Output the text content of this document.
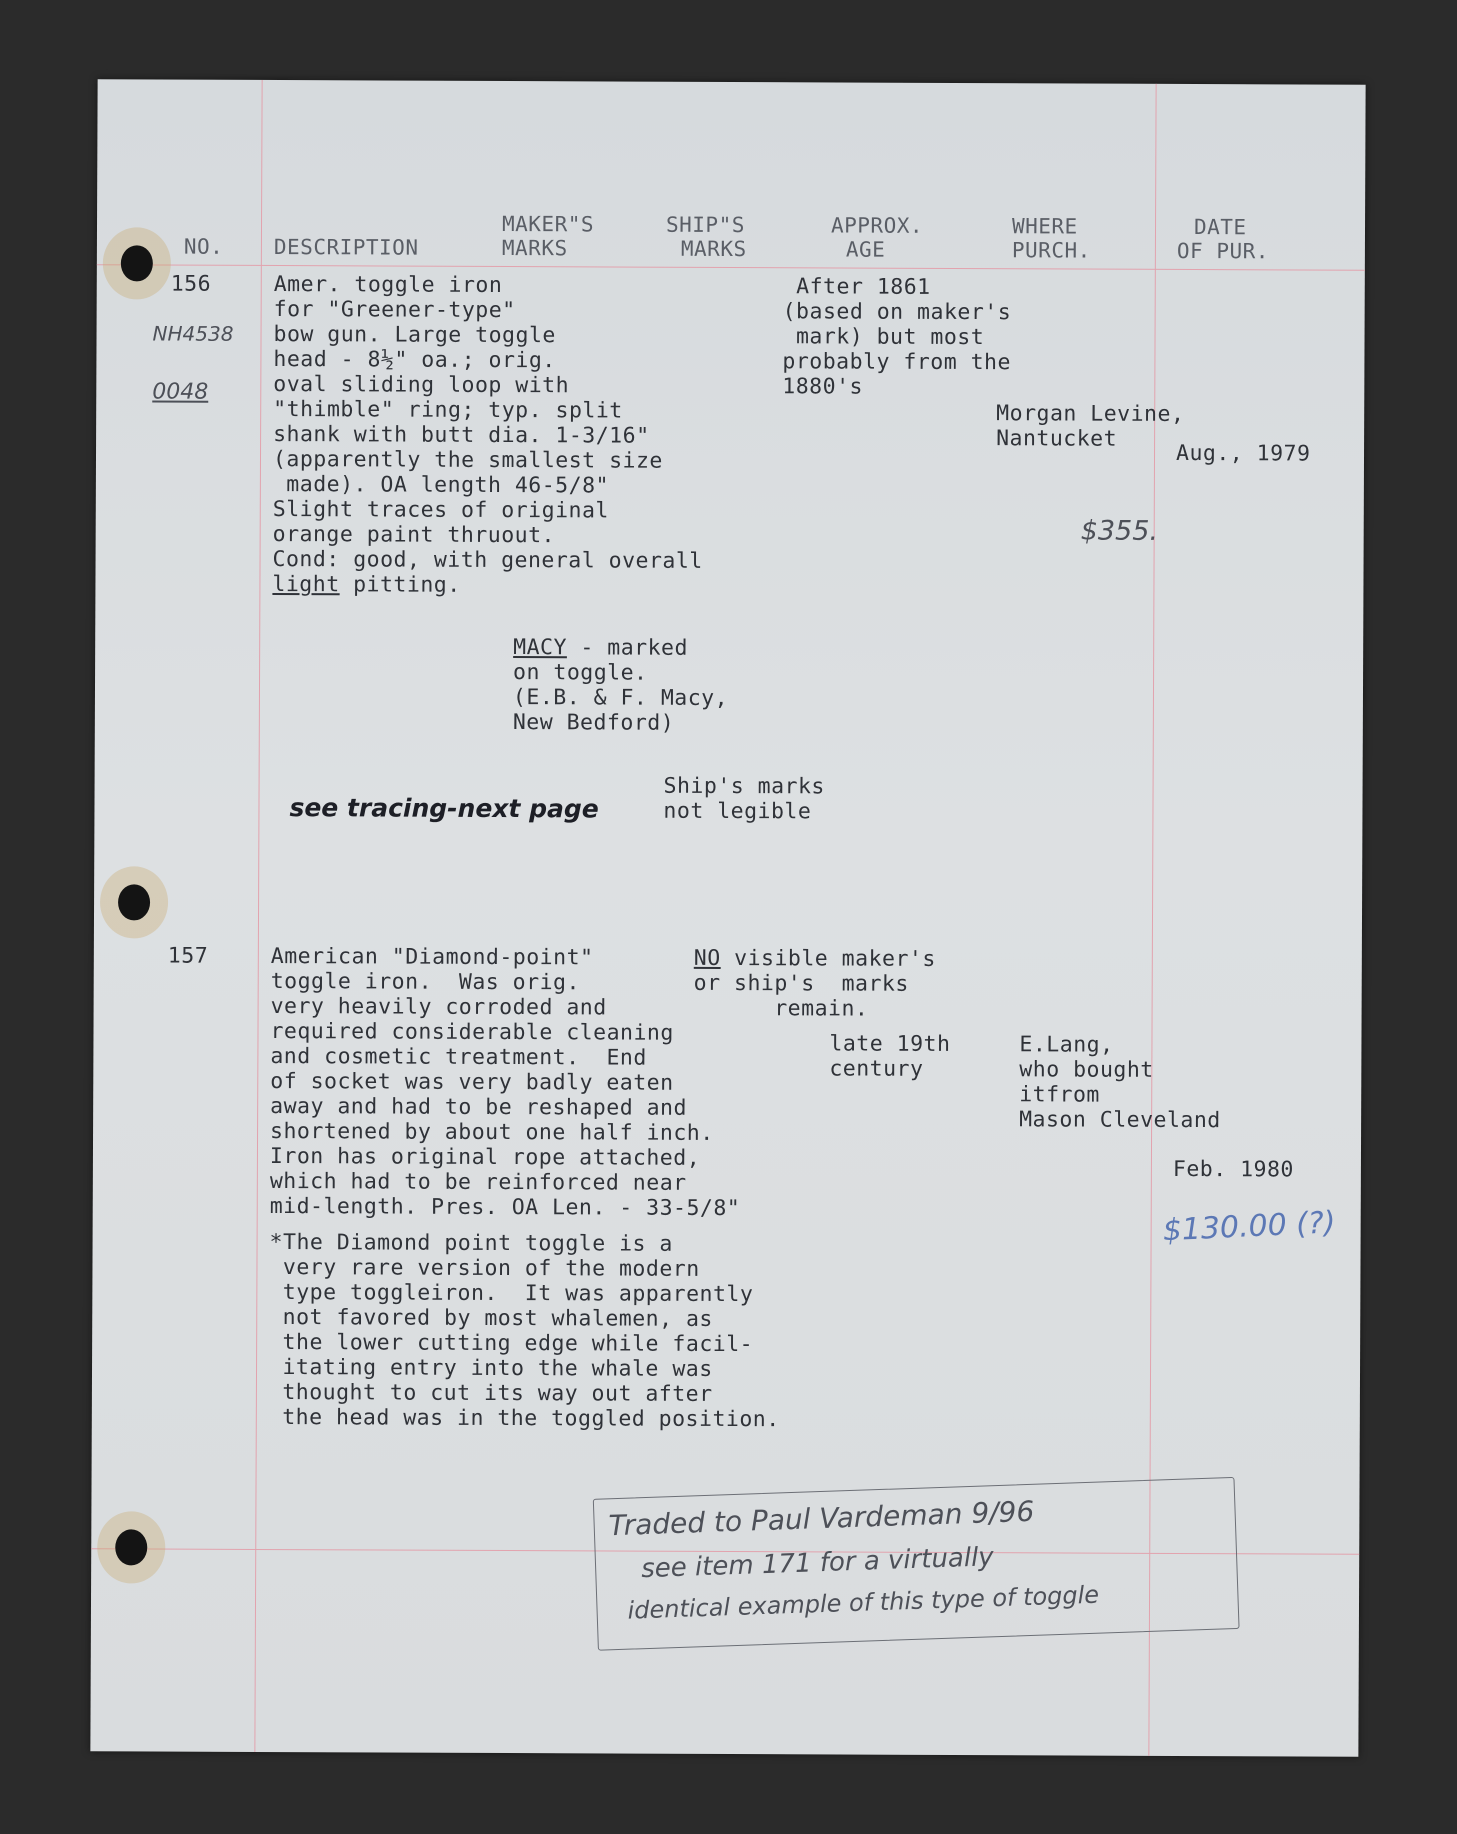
NO. DESCRIPTION
MAKER"S
MARKS
SHIP"S
MARKS
APPROX.
AGE
WHERE
PURCH.
DATE
OF PUR.
156
NH4538
0048
Amer. toggle iron
for "Greener-type"
bow gun. Large toggle
head - 8½" oa.; orig.
oval sliding loop with
"thimble" ring; typ. split
shank with butt dia. 1-3/16"
(apparently the smallest size
made). OA length 46-5/8"
Slight traces of original
orange paint thruout.
Cond: good, with general overall
light pitting.
MACY - marked
on toggle.
(E.B. & F. Macy,
New Bedford)
Ship's marks
not legible
see tracing-next page
After 1861
(based on maker's
mark) but most
probably from the
1880's
Morgan Levine,
Nantucket
Aug., 1979
$355.
157	American "Diamond-point"
toggle iron.  Was orig.
very heavily corroded and
required considerable cleaning
and cosmetic treatment.  End
of socket was very badly eaten
away and had to be reshaped and
shortened by about one half inch.
Iron has original rope attached,
which had to be reinforced near
mid-length. Pres. OA Len. - 33-5/8"
NO visible maker's
or ship's  marks
remain.
late 19th
century
E.Lang,
who bought
itfrom
Mason Cleveland
Feb. 1980
$130.00 (?)
*The Diamond point toggle is a
very rare version of the modern
type toggleiron.  It was apparently
not favored by most whalemen, as
the lower cutting edge while facil-
itating entry into the whale was
thought to cut its way out after
the head was in the toggled position.
Traded to Paul Vardeman 9/96
see item 171 for a virtually
identical example of this type of toggle
